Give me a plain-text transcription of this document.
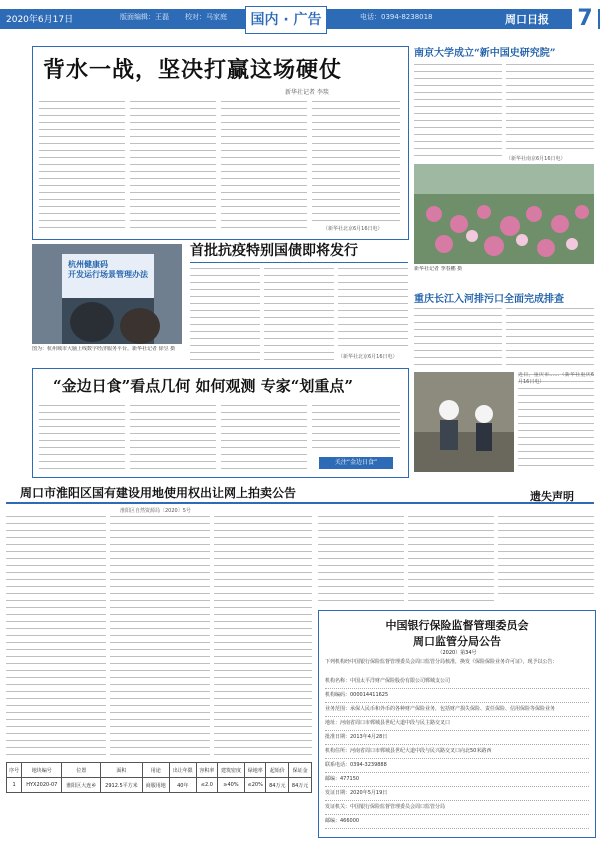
2020年6月17日	版面编辑：王磊 校对：马家庭	国内 · 广告	电话：0394-8238018	周口日报 7
背水一战，坚决打赢这场硬仗
新华社记者 李琰
（新华社北京6月16日电）
杭州健康码
开发运行场景管理办法
图为：杭州城市大脑上线数字经济服务平台。新华社记者 徐昱 摄
首批抗疫特别国债即将发行
（新华社北京6月16日电）
“金边日食”看点几何 如何观测 专家“划重点”
关注“金边日食”
南京大学成立“新中国史研究院”
（新华社南京6月16日电）
新华社记者 季春鹏 摄
重庆长江入河排污口全面完成排查
近日，重庆市……（新华社重庆6月16日电）
周口市淮阳区国有建设用地使用权出让网上拍卖公告
淮阳区自然资源局〔2020〕5号
序号	地块编号	位置	面积	用途	出让年限	容积率	建筑密度	绿地率	起始价	保证金
1	HYX2020-07	淮阳区大连乡	2912.5平方米	商服用地	40年	≤2.0	≥40%	≤20%	84万元	84万元
遗失声明
中国银行保险监督管理委员会
周口监管分局公告
（2020）第34号
下列机构经中国银行保险监督管理委员会周口监管分局核准，换发《保险保险业务许可证》，现予以公告：
机构名称：中国太平洋财产保险股份有限公司郸城支公司
机构编码：000014411625
业务范围：承保人民币和外币的各种财产保险业务，包括财产损失保险、责任保险、信用保险等保险业务
地址：河南省周口市郸城县世纪大道中段与民主路交叉口
批准日期：2013年4月28日
机构住所：河南省周口市郸城县世纪大道中段与民兴路交叉口向北50米路西
联系电话：0394-3239888
邮编：477150
发证日期：2020年5月19日
发证机关：中国银行保险监督管理委员会周口监管分局
邮编：466000
